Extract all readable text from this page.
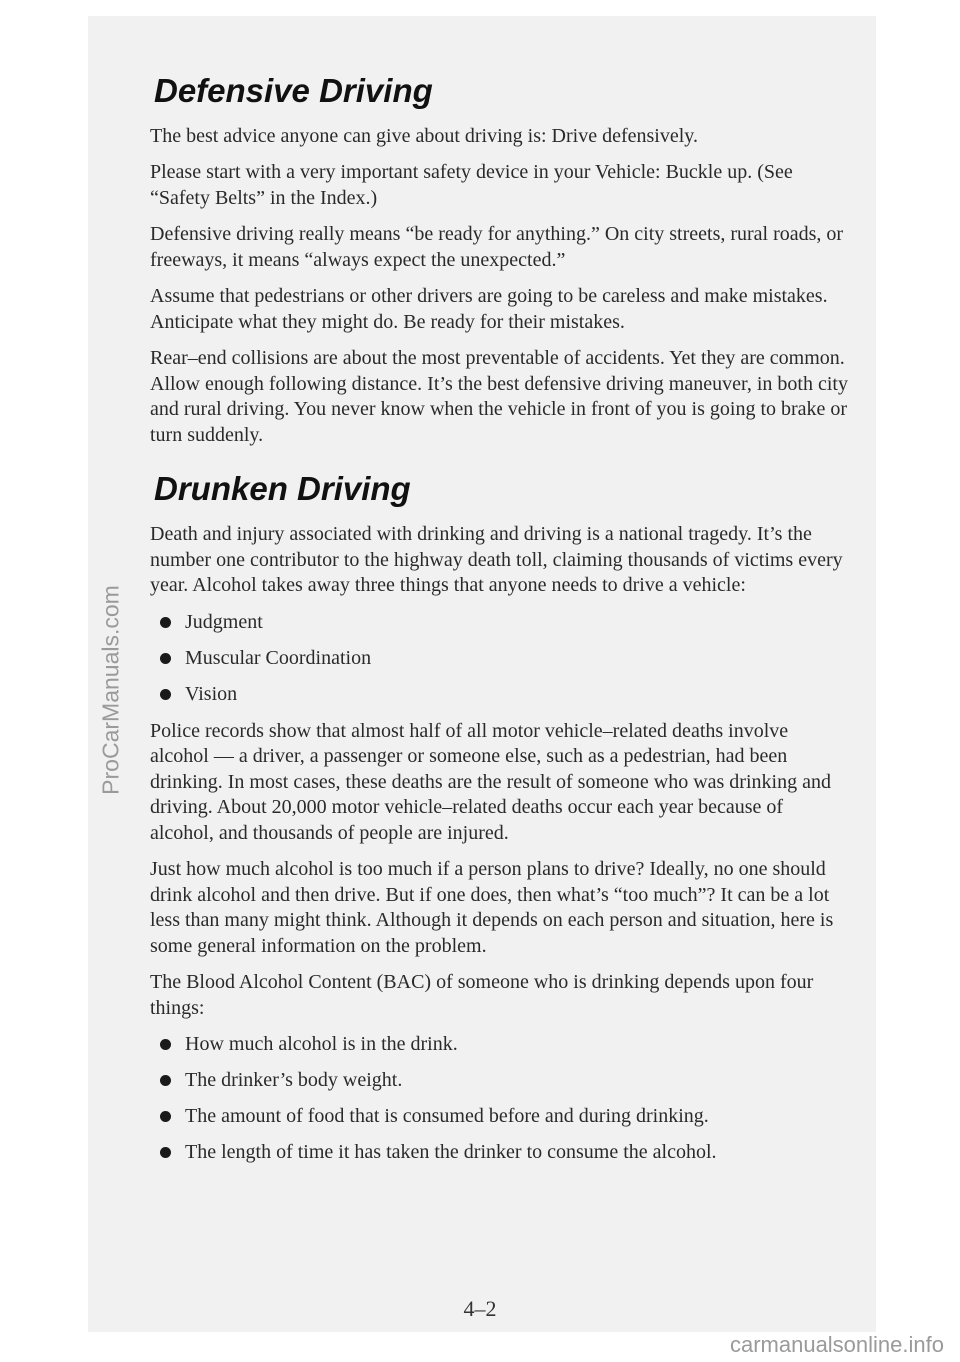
Defensive Driving

The best advice anyone can give about driving is: Drive defensively.

Please start with a very important safety device in your Vehicle: Buckle up. (See “Safety Belts” in the Index.)

Defensive driving really means “be ready for anything.” On city streets, rural roads, or freeways, it means “always expect the unexpected.”

Assume that pedestrians or other drivers are going to be careless and make mistakes. Anticipate what they might do. Be ready for their mistakes.

Rear–end collisions are about the most preventable of accidents. Yet they are common. Allow enough following distance. It’s the best defensive driving maneuver, in both city and rural driving. You never know when the vehicle in front of you is going to brake or turn suddenly.

Drunken Driving

Death and injury associated with drinking and driving is a national tragedy. It’s the number one contributor to the highway death toll, claiming thousands of victims every year. Alcohol takes away three things that anyone needs to drive a vehicle:

Judgment
Muscular Coordination
Vision

Police records show that almost half of all motor vehicle–related deaths involve alcohol — a driver, a passenger or someone else, such as a pedestrian, had been drinking. In most cases, these deaths are the result of someone who was drinking and driving. About 20,000 motor vehicle–related deaths occur each year because of alcohol, and thousands of people are injured.

Just how much alcohol is too much if a person plans to drive? Ideally, no one should drink alcohol and then drive. But if one does, then what’s “too much”? It can be a lot less than many might think. Although it depends on each person and situation, here is some general information on the problem.

The Blood Alcohol Content (BAC) of someone who is drinking depends upon four things:

How much alcohol is in the drink.
The drinker’s body weight.
The amount of food that is consumed before and during drinking.
The length of time it has taken the drinker to consume the alcohol.
ProCarManuals.com
4–2
carmanualsonline.info
